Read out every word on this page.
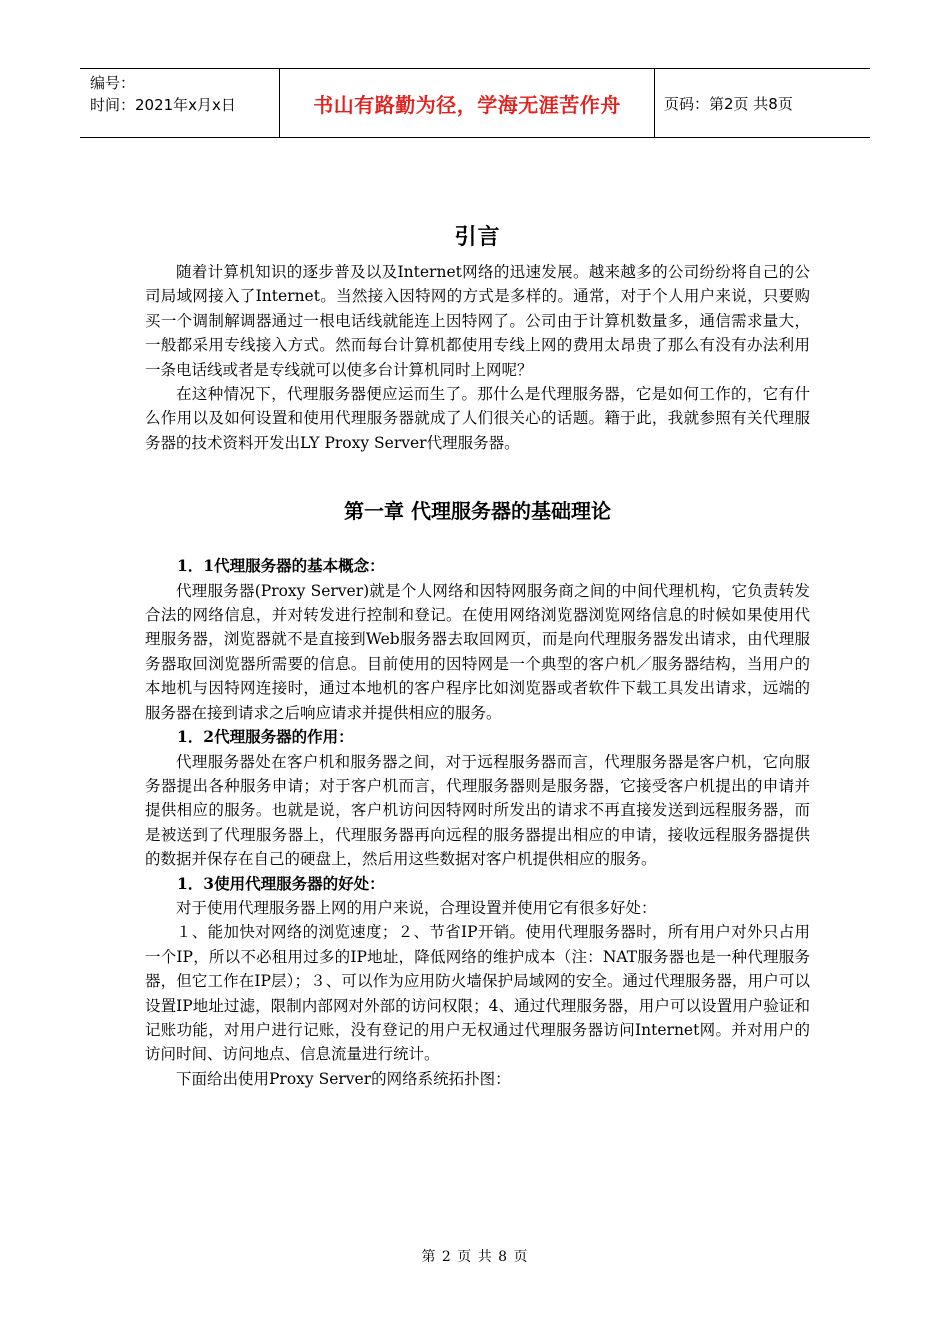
编号：
时间：2021年x月x日	书山有路勤为径，学海无涯苦作舟	页码：第2页 共8页
引言

随着计算机知识的逐步普及以及Internet网络的迅速发展。越来越多的公司纷纷将自己的公司局域网接入了Internet。当然接入因特网的方式是多样的。通常，对于个人用户来说，只要购买一个调制解调器通过一根电话线就能连上因特网了。公司由于计算机数量多，通信需求量大，一般都采用专线接入方式。然而每台计算机都使用专线上网的费用太昂贵了那么有没有办法利用一条电话线或者是专线就可以使多台计算机同时上网呢？

在这种情况下，代理服务器便应运而生了。那什么是代理服务器，它是如何工作的，它有什么作用以及如何设置和使用代理服务器就成了人们很关心的话题。籍于此，我就参照有关代理服务器的技术资料开发出LY Proxy Server代理服务器。

第一章 代理服务器的基础理论

1．1代理服务器的基本概念：

代理服务器(Proxy Server)就是个人网络和因特网服务商之间的中间代理机构，它负责转发合法的网络信息，并对转发进行控制和登记。在使用网络浏览器浏览网络信息的时候如果使用代理服务器，浏览器就不是直接到Web服务器去取回网页，而是向代理服务器发出请求，由代理服务器取回浏览器所需要的信息。目前使用的因特网是一个典型的客户机／服务器结构，当用户的本地机与因特网连接时，通过本地机的客户程序比如浏览器或者软件下载工具发出请求，远端的服务器在接到请求之后响应请求并提供相应的服务。

1．2代理服务器的作用：

代理服务器处在客户机和服务器之间，对于远程服务器而言，代理服务器是客户机，它向服务器提出各种服务申请；对于客户机而言，代理服务器则是服务器，它接受客户机提出的申请并提供相应的服务。也就是说，客户机访问因特网时所发出的请求不再直接发送到远程服务器，而是被送到了代理服务器上，代理服务器再向远程的服务器提出相应的申请，接收远程服务器提供的数据并保存在自己的硬盘上，然后用这些数据对客户机提供相应的服务。

1．3使用代理服务器的好处：

对于使用代理服务器上网的用户来说，合理设置并使用它有很多好处：

１、能加快对网络的浏览速度；２、节省IP开销。使用代理服务器时，所有用户对外只占用一个IP，所以不必租用过多的IP地址，降低网络的维护成本（注：NAT服务器也是一种代理服务器，但它工作在IP层）；３、可以作为应用防火墙保护局域网的安全。通过代理服务器，用户可以设置IP地址过滤，限制内部网对外部的访问权限；4、通过代理服务器，用户可以设置用户验证和记账功能，对用户进行记账，没有登记的用户无权通过代理服务器访问Internet网。并对用户的访问时间、访问地点、信息流量进行统计。

下面给出使用Proxy Server的网络系统拓扑图：

第 2 页 共 8 页
